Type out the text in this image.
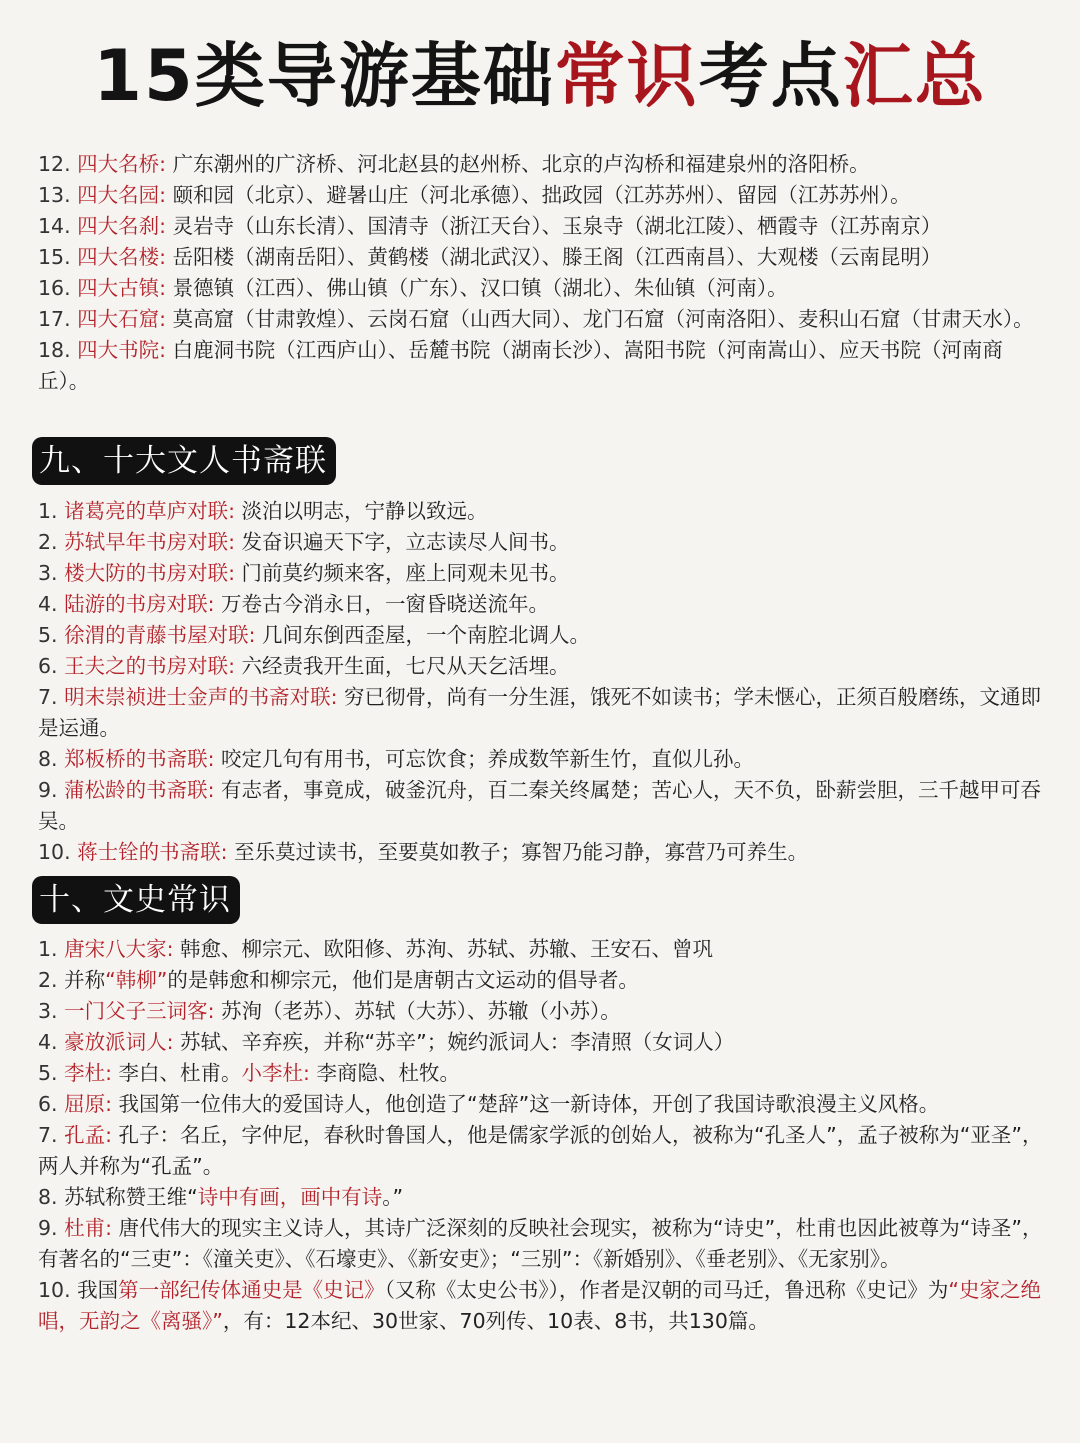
15类导游基础常识考点汇总
12. 四大名桥: 广东潮州的广济桥、河北赵县的赵州桥、北京的卢沟桥和福建泉州的洛阳桥。
13. 四大名园: 颐和园（北京）、避暑山庄（河北承德）、拙政园（江苏苏州）、留园（江苏苏州）。
14. 四大名刹: 灵岩寺（山东长清）、国清寺（浙江天台）、玉泉寺（湖北江陵）、栖霞寺（江苏南京）
15. 四大名楼: 岳阳楼（湖南岳阳）、黄鹤楼（湖北武汉）、滕王阁（江西南昌）、大观楼（云南昆明）
16. 四大古镇: 景德镇（江西）、佛山镇（广东）、汉口镇（湖北）、朱仙镇（河南）。
17. 四大石窟: 莫高窟（甘肃敦煌）、云岗石窟（山西大同）、龙门石窟（河南洛阳）、麦积山石窟（甘肃天水）。
18. 四大书院: 白鹿洞书院（江西庐山）、岳麓书院（湖南长沙）、嵩阳书院（河南嵩山）、应天书院（河南商丘）。
九、十大文人书斋联
1. 诸葛亮的草庐对联: 淡泊以明志，宁静以致远。
2. 苏轼早年书房对联: 发奋识遍天下字，立志读尽人间书。
3. 楼大防的书房对联: 门前莫约频来客，座上同观未见书。
4. 陆游的书房对联: 万卷古今消永日，一窗昏晓送流年。
5. 徐渭的青藤书屋对联: 几间东倒西歪屋，一个南腔北调人。
6. 王夫之的书房对联: 六经责我开生面，七尺从天乞活埋。
7. 明末崇祯进士金声的书斋对联: 穷已彻骨，尚有一分生涯，饿死不如读书；学未惬心，正须百般磨练，文通即是运通。
8. 郑板桥的书斋联: 咬定几句有用书，可忘饮食；养成数竿新生竹，直似儿孙。
9. 蒲松龄的书斋联: 有志者，事竟成，破釜沉舟，百二秦关终属楚；苦心人，天不负，卧薪尝胆，三千越甲可吞吴。
10. 蒋士铨的书斋联: 至乐莫过读书，至要莫如教子；寡智乃能习静，寡营乃可养生。
十、文史常识
1. 唐宋八大家: 韩愈、柳宗元、欧阳修、苏洵、苏轼、苏辙、王安石、曾巩
2. 并称“韩柳”的是韩愈和柳宗元，他们是唐朝古文运动的倡导者。
3. 一门父子三词客: 苏洵（老苏）、苏轼（大苏）、苏辙（小苏）。
4. 豪放派词人: 苏轼、辛弃疾，并称“苏辛”；婉约派词人：李清照（女词人）
5. 李杜: 李白、杜甫。小李杜: 李商隐、杜牧。
6. 屈原: 我国第一位伟大的爱国诗人，他创造了“楚辞”这一新诗体，开创了我国诗歌浪漫主义风格。
7. 孔孟: 孔子：名丘，字仲尼，春秋时鲁国人，他是儒家学派的创始人，被称为“孔圣人”，孟子被称为“亚圣”，两人并称为“孔孟”。
8. 苏轼称赞王维“诗中有画，画中有诗。”
9. 杜甫: 唐代伟大的现实主义诗人，其诗广泛深刻的反映社会现实，被称为“诗史”，杜甫也因此被尊为“诗圣”，有著名的“三吏”：《潼关吏》、《石壕吏》、《新安吏》；“三别”：《新婚别》、《垂老别》、《无家别》。
10. 我国第一部纪传体通史是《史记》（又称《太史公书》），作者是汉朝的司马迁，鲁迅称《史记》为“史家之绝唱，无韵之《离骚》”，有：12本纪、30世家、70列传、10表、8书，共130篇。
